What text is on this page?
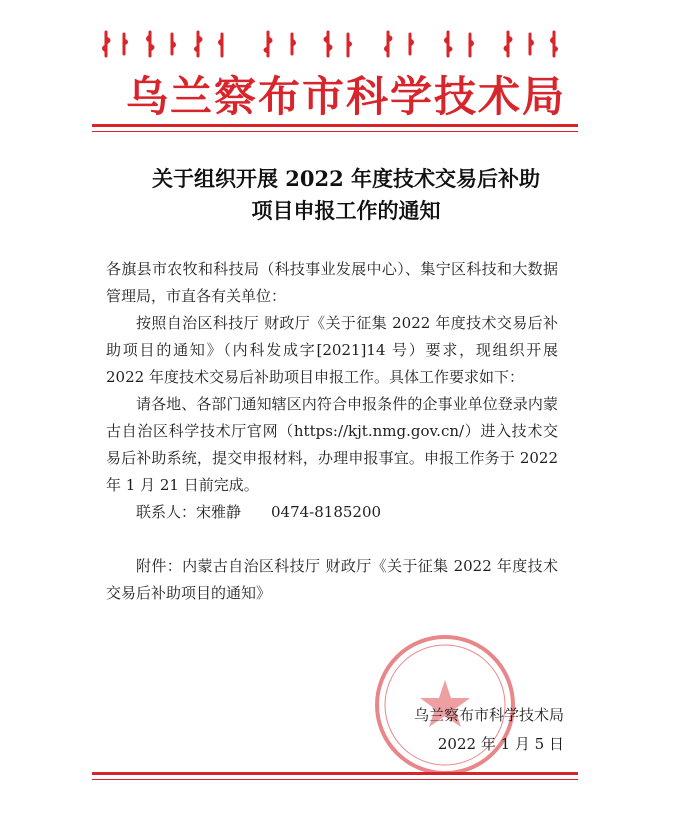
乌兰察布市科学技术局
关于组织开展 2022 年度技术交易后补助
项目申报工作的通知

各旗县市农牧和科技局（科技事业发展中心）、集宁区科技和大数据管理局，市直各有关单位：

按照自治区科技厅 财政厅《关于征集 2022 年度技术交易后补助项目的通知》（内科发成字[2021]14 号）要求，现组织开展 2022 年度技术交易后补助项目申报工作。具体工作要求如下：

请各地、各部门通知辖区内符合申报条件的企事业单位登录内蒙古自治区科学技术厅官网（https://kjt.nmg.gov.cn/）进入技术交易后补助系统，提交申报材料，办理申报事宜。申报工作务于 2022 年 1 月 21 日前完成。

联系人：宋雅静　　0474-8185200

附件：内蒙古自治区科技厅 财政厅《关于征集 2022 年度技术交易后补助项目的通知》

乌兰察布市科学技术局
2022 年 1 月 5 日
